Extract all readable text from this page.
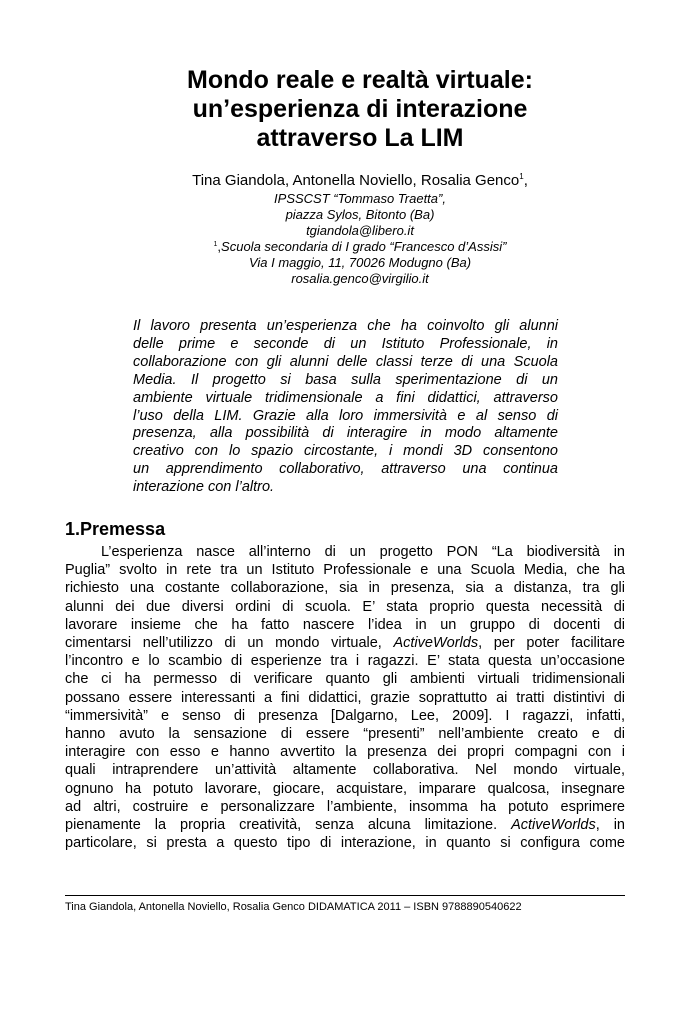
Mondo reale e realtà virtuale:
un’esperienza di interazione
attraverso La LIM
Tina Giandola, Antonella Noviello, Rosalia Genco$^1$,
IPSSCST “Tommaso Traetta”,
piazza Sylos, Bitonto (Ba)
tgiandola@libero.it
$^1$,Scuola secondaria di I grado “Francesco d’Assisi”
Via I maggio, 11, 70026 Modugno (Ba)
rosalia.genco@virgilio.it
Il lavoro presenta un’esperienza che ha coinvolto gli alunni
delle prime e seconde di un Istituto Professionale, in
collaborazione con gli alunni delle classi terze di una Scuola
Media. Il progetto si basa sulla sperimentazione di un
ambiente virtuale tridimensionale a fini didattici, attraverso
l’uso della LIM. Grazie alla loro immersività e al senso di
presenza, alla possibilità di interagire in modo altamente
creativo con lo spazio circostante, i mondi 3D consentono
un apprendimento collaborativo, attraverso una continua
interazione con l’altro.
1.Premessa
L’esperienza nasce all’interno di un progetto PON “La biodiversità in
Puglia” svolto in rete tra un Istituto Professionale e una Scuola Media, che ha
richiesto una costante collaborazione, sia in presenza, sia a distanza, tra gli
alunni dei due diversi ordini di scuola. E’ stata proprio questa necessità di
lavorare insieme che ha fatto nascere l’idea in un gruppo di docenti di
cimentarsi nell’utilizzo di un mondo virtuale, ActiveWorlds, per poter facilitare
l’incontro e lo scambio di esperienze tra i ragazzi. E’ stata questa un’occasione
che ci ha permesso di verificare quanto gli ambienti virtuali tridimensionali
possano essere interessanti a fini didattici, grazie soprattutto ai tratti distintivi di
“immersività” e senso di presenza [Dalgarno, Lee, 2009]. I ragazzi, infatti,
hanno avuto la sensazione di essere “presenti” nell’ambiente creato e di
interagire con esso e hanno avvertito la presenza dei propri compagni con i
quali intraprendere un’attività altamente collaborativa. Nel mondo virtuale,
ognuno ha potuto lavorare, giocare, acquistare, imparare qualcosa, insegnare
ad altri, costruire e personalizzare l’ambiente, insomma ha potuto esprimere
pienamente la propria creatività, senza alcuna limitazione. ActiveWorlds, in
particolare, si presta a questo tipo di interazione, in quanto si configura come
Tina Giandola, Antonella Noviello, Rosalia Genco DIDAMATICA 2011 – ISBN 9788890540622
